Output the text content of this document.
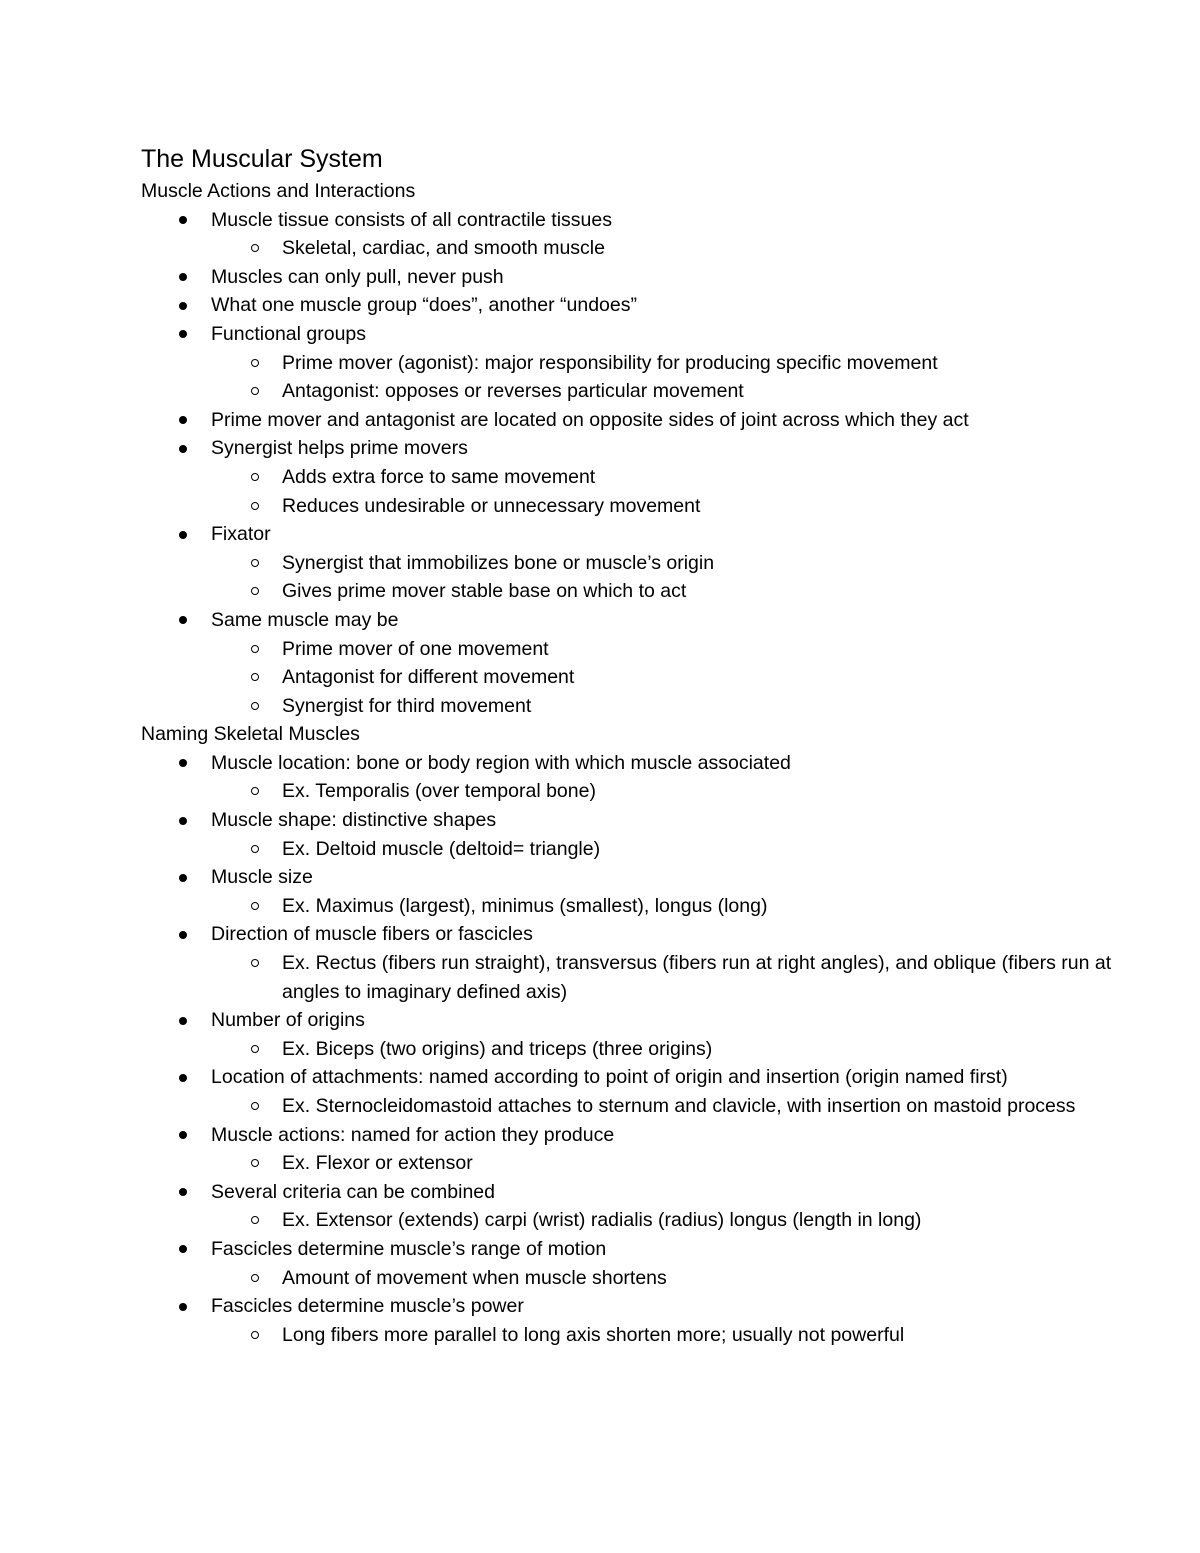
The Muscular System
Muscle Actions and Interactions
Muscle tissue consists of all contractile tissues
Skeletal, cardiac, and smooth muscle
Muscles can only pull, never push
What one muscle group “does”, another “undoes”
Functional groups
Prime mover (agonist): major responsibility for producing specific movement
Antagonist: opposes or reverses particular movement
Prime mover and antagonist are located on opposite sides of joint across which they act
Synergist helps prime movers
Adds extra force to same movement
Reduces undesirable or unnecessary movement
Fixator
Synergist that immobilizes bone or muscle’s origin
Gives prime mover stable base on which to act
Same muscle may be
Prime mover of one movement
Antagonist for different movement
Synergist for third movement
Naming Skeletal Muscles
Muscle location: bone or body region with which muscle associated
Ex. Temporalis (over temporal bone)
Muscle shape: distinctive shapes
Ex. Deltoid muscle (deltoid= triangle)
Muscle size
Ex. Maximus (largest), minimus (smallest), longus (long)
Direction of muscle fibers or fascicles
Ex. Rectus (fibers run straight), transversus (fibers run at right angles), and oblique (fibers run at angles to imaginary defined axis)
Number of origins
Ex. Biceps (two origins) and triceps (three origins)
Location of attachments: named according to point of origin and insertion (origin named first)
Ex. Sternocleidomastoid attaches to sternum and clavicle, with insertion on mastoid process
Muscle actions: named for action they produce
Ex. Flexor or extensor
Several criteria can be combined
Ex. Extensor (extends) carpi (wrist) radialis (radius) longus (length in long)
Fascicles determine muscle’s range of motion
Amount of movement when muscle shortens
Fascicles determine muscle’s power
Long fibers more parallel to long axis shorten more; usually not powerful
